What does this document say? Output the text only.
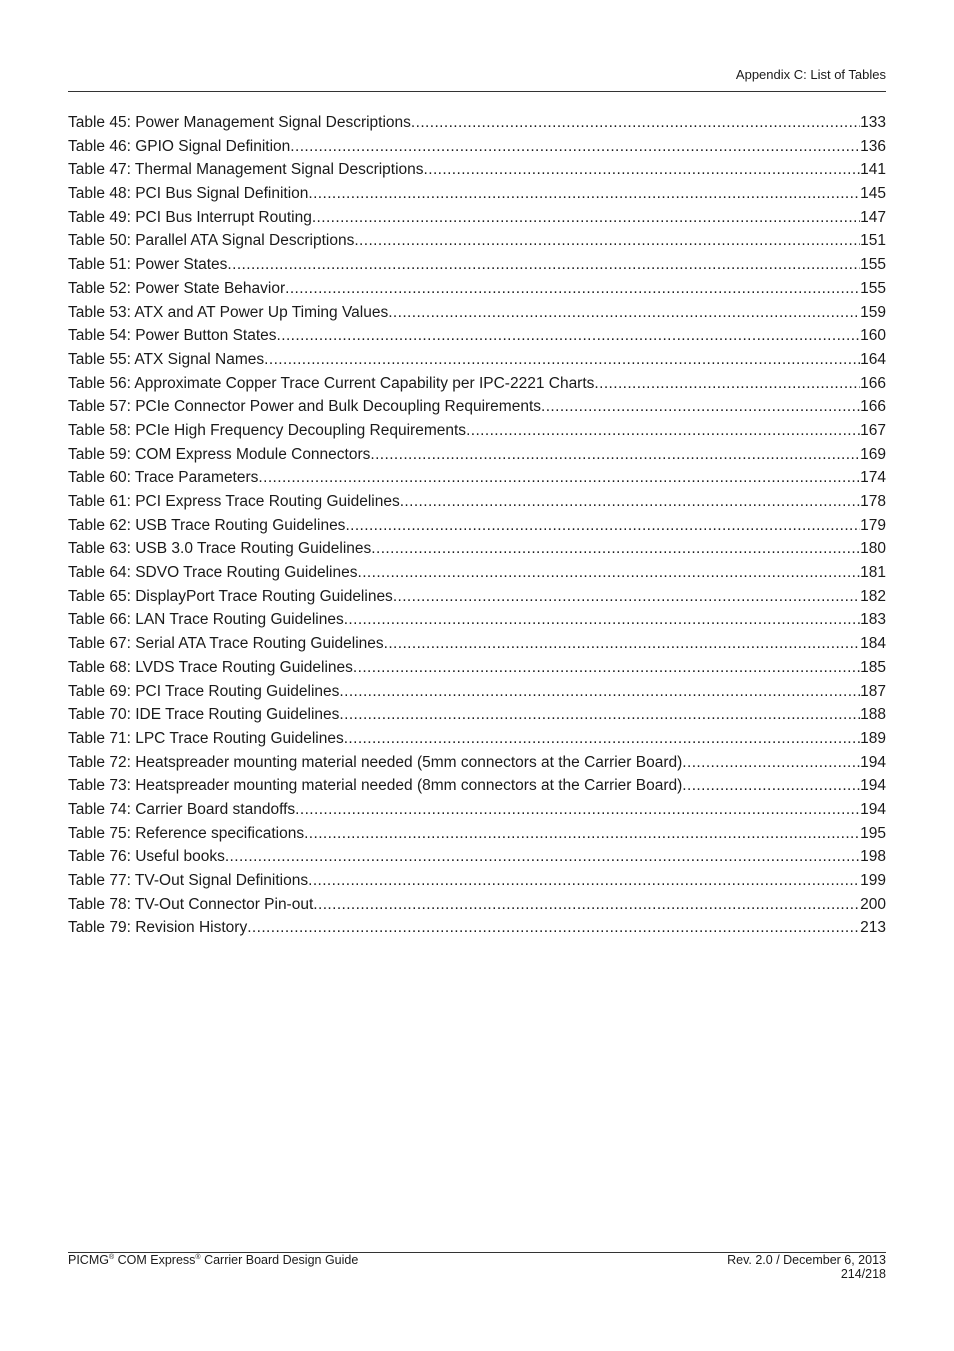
Appendix C: List of Tables
Table 45: Power Management Signal Descriptions .....	133
Table 46: GPIO Signal Definition .....	136
Table 47: Thermal Management Signal Descriptions .....	141
Table 48: PCI Bus Signal Definition .....	145
Table 49: PCI Bus Interrupt Routing .....	147
Table 50: Parallel ATA Signal Descriptions .....	151
Table 51: Power States .....	155
Table 52: Power State Behavior .....	155
Table 53: ATX and AT Power Up Timing Values .....	159
Table 54: Power Button States .....	160
Table 55: ATX Signal Names .....	164
Table 56: Approximate Copper Trace Current Capability per IPC-2221 Charts .....	166
Table 57: PCIe Connector Power and Bulk Decoupling Requirements .....	166
Table 58: PCIe High Frequency Decoupling Requirements .....	167
Table 59: COM Express Module Connectors .....	169
Table 60: Trace Parameters .....	174
Table 61: PCI Express Trace Routing Guidelines .....	178
Table 62: USB Trace Routing Guidelines .....	179
Table 63: USB 3.0 Trace Routing Guidelines .....	180
Table 64: SDVO Trace Routing Guidelines .....	181
Table 65: DisplayPort Trace Routing Guidelines .....	182
Table 66: LAN Trace Routing Guidelines .....	183
Table 67: Serial ATA Trace Routing Guidelines .....	184
Table 68: LVDS Trace Routing Guidelines .....	185
Table 69: PCI Trace Routing Guidelines .....	187
Table 70: IDE Trace Routing Guidelines .....	188
Table 71: LPC Trace Routing Guidelines .....	189
Table 72: Heatspreader mounting material needed (5mm connectors at the Carrier Board) .....	194
Table 73: Heatspreader mounting material needed (8mm connectors at the Carrier Board) .....	194
Table 74: Carrier Board standoffs .....	194
Table 75: Reference specifications .....	195
Table 76: Useful books .....	198
Table 77: TV-Out Signal Definitions .....	199
Table 78: TV-Out Connector Pin-out .....	200
Table 79: Revision History .....	213
PICMG® COM Express® Carrier Board Design Guide	Rev. 2.0 / December 6, 2013
214/218
